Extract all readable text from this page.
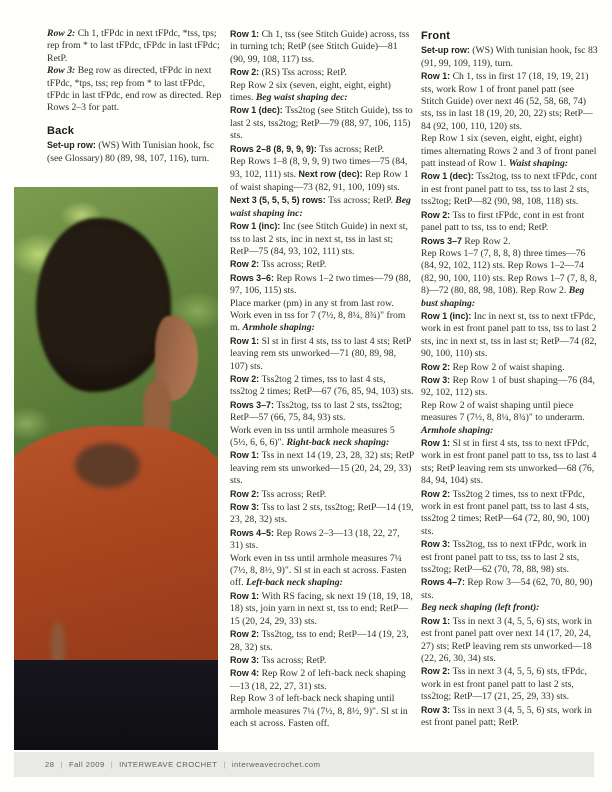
Row 2: Ch 1, tFPdc in next tFPdc, *tss, tps; rep from * to last tFPdc, tFPdc in last tFPdc; RetP.

Row 3: Beg row as directed, tFPdc in next tFPdc, *tps, tss; rep from * to last tFPdc, tFPdc in last tFPdc, end row as directed. Rep Rows 2–3 for patt.

Back

Set-up row: (WS) With Tunisian hook, fsc (see Glossary) 80 (89, 98, 107, 116), turn.

Row 1: Ch 1, tss (see Stitch Guide) across, tss in turning tch; RetP (see Stitch Guide)—81 (90, 99, 108, 117) tss.

Row 2: (RS) Tss across; RetP.

Rep Row 2 six (seven, eight, eight, eight) times. Beg waist shaping dec:

Row 1 (dec): Tss2tog (see Stitch Guide), tss to last 2 sts, tss2tog; RetP—79 (88, 97, 106, 115) sts.

Rows 2–8 (8, 9, 9, 9): Tss across; RetP.

Rep Rows 1–8 (8, 9, 9, 9) two times—75 (84, 93, 102, 111) sts. Next row (dec): Rep Row 1 of waist shaping—73 (82, 91, 100, 109) sts. Next 3 (5, 5, 5, 5) rows: Tss across; RetP. Beg waist shaping inc:

Row 1 (inc): Inc (see Stitch Guide) in next st, tss to last 2 sts, inc in next st, tss in last st; RetP—75 (84, 93, 102, 111) sts.

Row 2: Tss across; RetP.

Rows 3–6: Rep Rows 1–2 two times—79 (88, 97, 106, 115) sts.

Place marker (pm) in any st from last row. Work even in tss for 7 (7½, 8, 8¼, 8¾)" from m. Armhole shaping:

Row 1: Sl st in first 4 sts, tss to last 4 sts; RetP leaving rem sts unworked—71 (80, 89, 98, 107) sts.

Row 2: Tss2tog 2 times, tss to last 4 sts, tss2tog 2 times; RetP—67 (76, 85, 94, 103) sts.

Rows 3–7: Tss2tog, tss to last 2 sts, tss2tog; RetP—57 (66, 75, 84, 93) sts.

Work even in tss until armhole measures 5 (5½, 6, 6, 6)". Right-back neck shaping:

Row 1: Tss in next 14 (19, 23, 28, 32) sts; RetP leaving rem sts unworked—15 (20, 24, 29, 33) sts.

Row 2: Tss across; RetP.

Row 3: Tss to last 2 sts, tss2tog; RetP—14 (19, 23, 28, 32) sts.

Rows 4–5: Rep Rows 2–3—13 (18, 22, 27, 31) sts.

Work even in tss until armhole measures 7¼ (7½, 8, 8½, 9)". Sl st in each st across. Fasten off. Left-back neck shaping:

Row 1: With RS facing, sk next 19 (18, 19, 18, 18) sts, join yarn in next st, tss to end; RetP—15 (20, 24, 29, 33) sts.

Row 2: Tss2tog, tss to end; RetP—14 (19, 23, 28, 32) sts.

Row 3: Tss across; RetP.

Row 4: Rep Row 2 of left-back neck shaping—13 (18, 22, 27, 31) sts.

Rep Row 3 of left-back neck shaping until armhole measures 7¼ (7½, 8, 8½, 9)". Sl st in each st across. Fasten off.

Front

Set-up row: (WS) With tunisian hook, fsc 83 (91, 99, 109, 119), turn.

Row 1: Ch 1, tss in first 17 (18, 19, 19, 21) sts, work Row 1 of front panel patt (see Stitch Guide) over next 46 (52, 58, 68, 74) sts, tss in last 18 (19, 20, 20, 22) sts; RetP—84 (92, 100, 110, 120) sts.

Rep Row 1 six (seven, eight, eight, eight) times alternating Rows 2 and 3 of front panel patt instead of Row 1. Waist shaping:

Row 1 (dec): Tss2tog, tss to next tFPdc, cont in est front panel patt to tss, tss to last 2 sts, tss2tog; RetP—82 (90, 98, 108, 118) sts.

Row 2: Tss to first tFPdc, cont in est front panel patt to tss, tss to end; RetP.

Rows 3–7 Rep Row 2.

Rep Rows 1–7 (7, 8, 8, 8) three times—76 (84, 92, 102, 112) sts. Rep Rows 1–2—74 (82, 90, 100, 110) sts. Rep Rows 1–7 (7, 8, 8, 8)—72 (80, 88, 98, 108). Rep Row 2. Beg bust shaping:

Row 1 (inc): Inc in next st, tss to next tFPdc, work in est front panel patt to tss, tss to last 2 sts, inc in next st, tss in last st; RetP—74 (82, 90, 100, 110) sts.

Row 2: Rep Row 2 of waist shaping.

Row 3: Rep Row 1 of bust shaping—76 (84, 92, 102, 112) sts.

Rep Row 2 of waist shaping until piece measures 7 (7½, 8, 8¼, 8¾)" to underarm. Armhole shaping:

Row 1: Sl st in first 4 sts, tss to next tFPdc, work in est front panel patt to tss, tss to last 4 sts; RetP leaving rem sts unworked—68 (76, 84, 94, 104) sts.

Row 2: Tss2tog 2 times, tss to next tFPdc, work in est front panel patt, tss to last 4 sts, tss2tog 2 times; RetP—64 (72, 80, 90, 100) sts.

Row 3: Tss2tog, tss to next tFPdc, work in est front panel patt to tss, tss to last 2 sts, tss2tog; RetP—62 (70, 78, 88, 98) sts.

Rows 4–7: Rep Row 3—54 (62, 70, 80, 90) sts.

Beg neck shaping (left front):

Row 1: Tss in next 3 (4, 5, 5, 6) sts, work in est front panel patt over next 14 (17, 20, 24, 27) sts; RetP leaving rem sts unworked—18 (22, 26, 30, 34) sts.

Row 2: Tss in next 3 (4, 5, 5, 6) sts, tFPdc, work in est front panel patt to last 2 sts, tss2tog; RetP—17 (21, 25, 29, 33) sts.

Row 3: Tss in next 3 (4, 5, 5, 6) sts, work in est front panel patt; RetP.

28 | Fall 2009 | INTERWEAVE CROCHET | interweavecrochet.com
